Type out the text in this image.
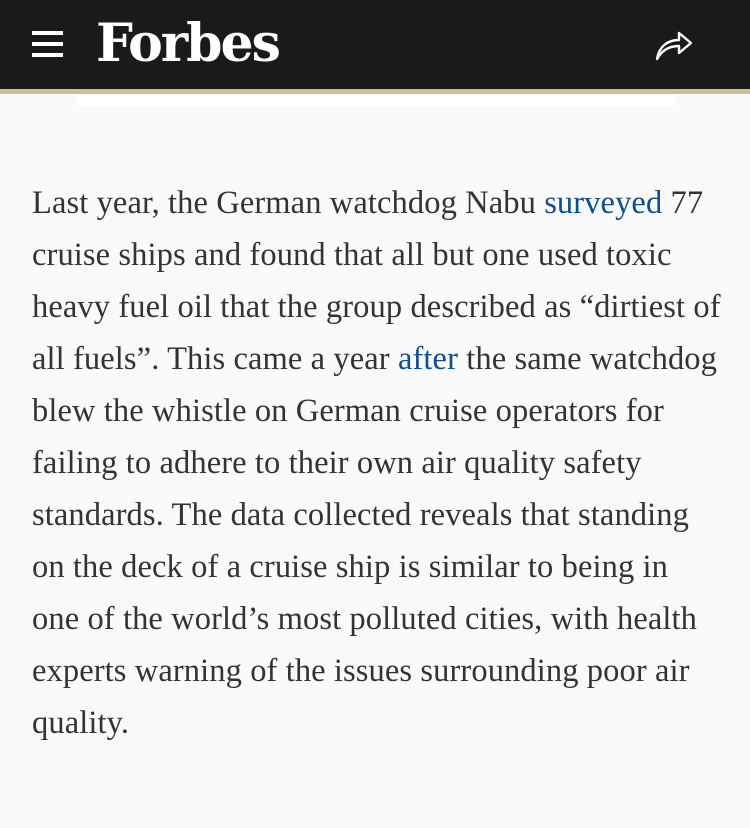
Forbes

Last year, the German watchdog Nabu surveyed 77 cruise ships and found that all but one used toxic heavy fuel oil that the group described as “dirtiest of all fuels”. This came a year after the same watchdog blew the whistle on German cruise operators for failing to adhere to their own air quality safety standards. The data collected reveals that standing on the deck of a cruise ship is similar to being in one of the world’s most polluted cities, with health experts warning of the issues surrounding poor air quality.
